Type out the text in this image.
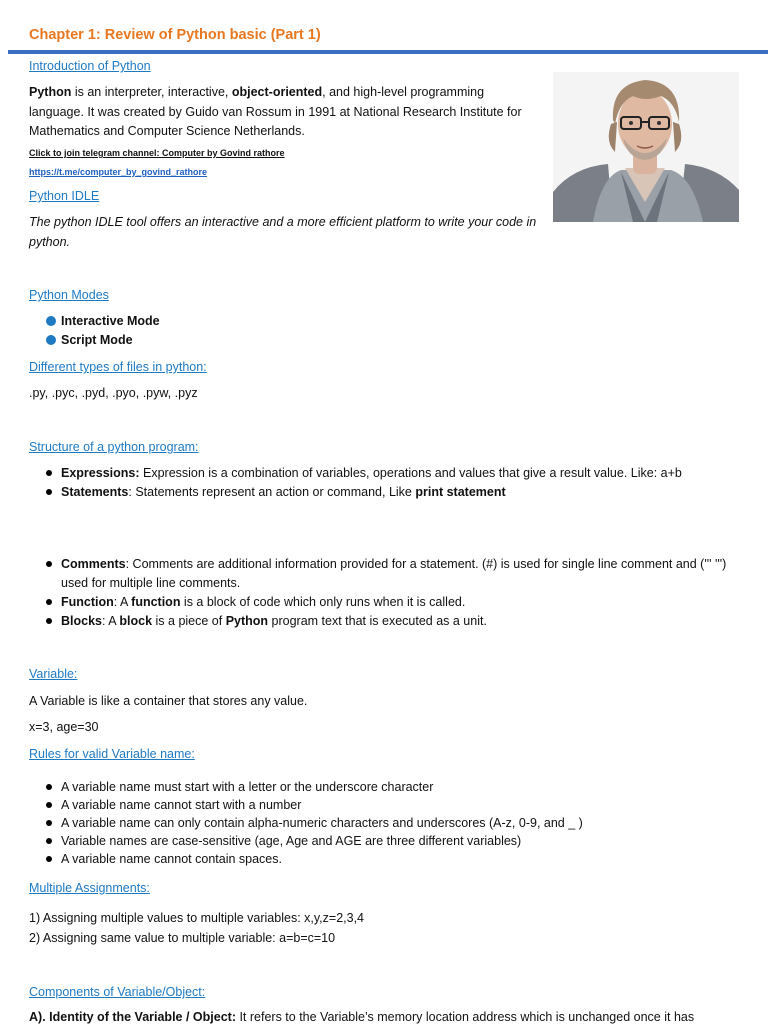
Chapter 1: Review of Python basic (Part 1)
Introduction of Python
Python is an interpreter, interactive, object-oriented, and high-level programming language. It was created by Guido van Rossum in 1991 at National Research Institute for Mathematics and Computer Science Netherlands.
Click to join telegram channel: Computer by Govind rathore
https://t.me/computer_by_govind_rathore
Python IDLE
The python IDLE tool offers an interactive and a more efficient platform to write your code in python.
Python Modes
Interactive Mode
Script Mode
Different types of files in python:
.py, .pyc, .pyd, .pyo, .pyw, .pyz
Structure of a python program:
Expressions: Expression is a combination of variables, operations and values that give a result value. Like: a+b
Statements: Statements represent an action or command, Like print statement
Comments: Comments are additional information provided for a statement. (#) is used for single line comment and (''' ''') used for multiple line comments.
Function: A function is a block of code which only runs when it is called.
Blocks: A block is a piece of Python program text that is executed as a unit.
Variable:
A Variable is like a container that stores any value.
x=3, age=30
Rules for valid Variable name:
A variable name must start with a letter or the underscore character
A variable name cannot start with a number
A variable name can only contain alpha-numeric characters and underscores (A-z, 0-9, and _ )
Variable names are case-sensitive (age, Age and AGE are three different variables)
A variable name cannot contain spaces.
Multiple Assignments:
1) Assigning multiple values to multiple variables: x,y,z=2,3,4
2) Assigning same value to multiple variable: a=b=c=10
Components of Variable/Object:
A). Identity of the Variable / Object: It refers to the Variable’s memory location address which is unchanged once it has
